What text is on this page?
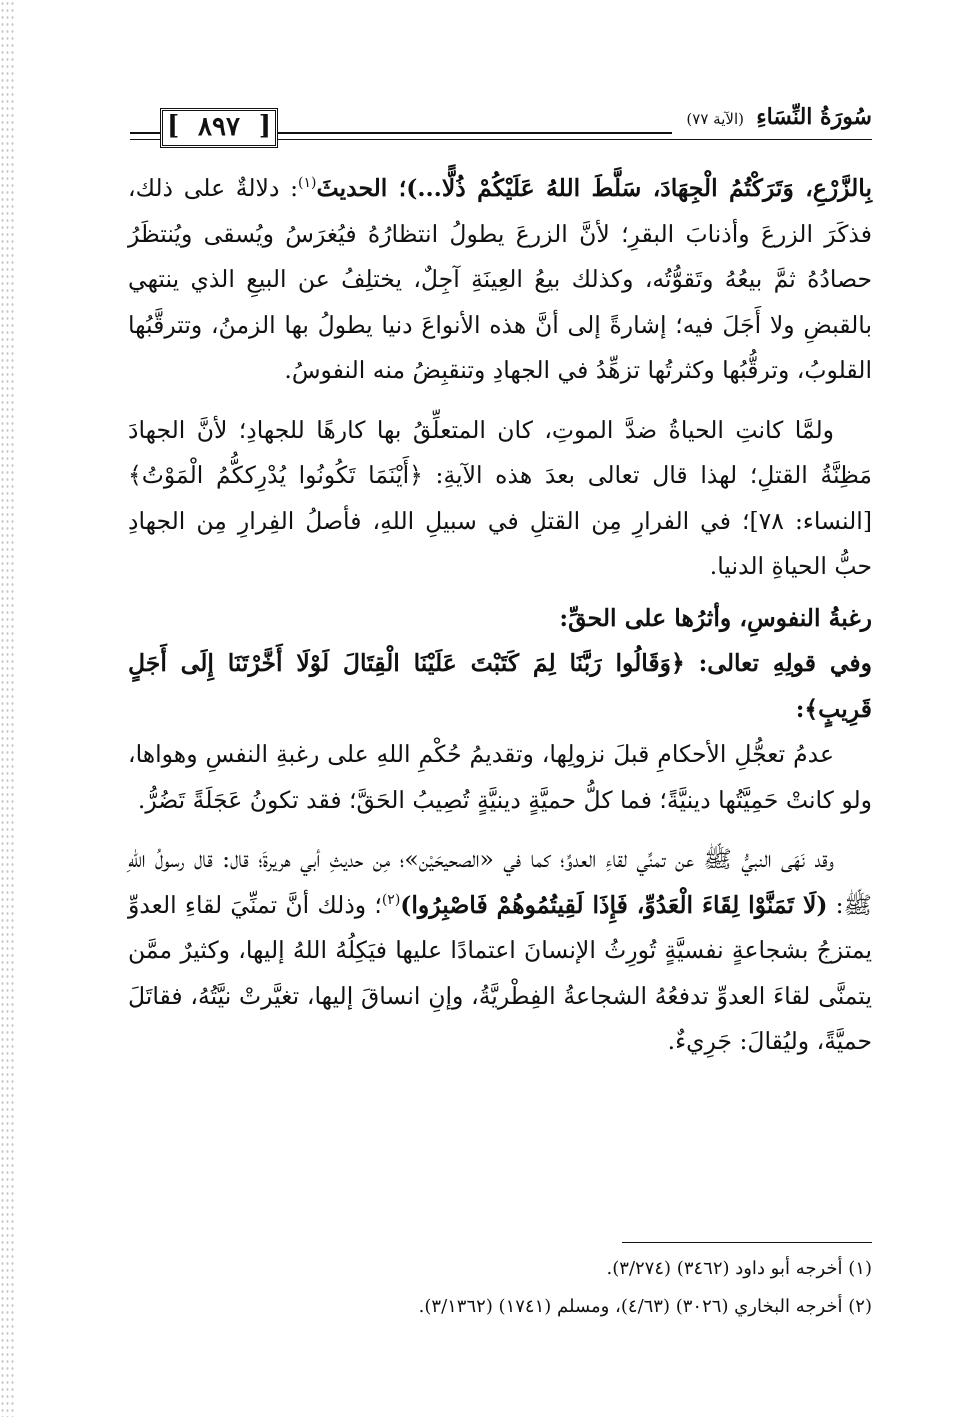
[ ٨٩٧ ]	سُورَةُ النِّسَاءِ (الآية ٧٧)

بِالزَّرْعِ، وَتَرَكْتُمُ الْجِهَادَ، سَلَّطَ اللهُ عَلَيْكُمْ ذُلًّا...)؛ الحديثَ$^{(١)}$: دلالةٌ على ذلك، فذكَرَ الزرعَ وأذنابَ البقرِ؛ لأنَّ الزرعَ يطولُ انتظارُهُ فيُغرَسُ ويُسقى ويُنتظَرُ حصادُهُ ثمَّ بيعُهُ وتَقوُّتُه، وكذلك بيعُ العِينَةِ آجِلٌ، يختلِفُ عن البيعِ الذي ينتهي بالقبضِ ولا أَجَلَ فيه؛ إشارةً إلى أنَّ هذه الأنواعَ دنيا يطولُ بها الزمنُ، وتترقَّبُها القلوبُ، وترقُّبُها وكثرتُها تزهِّدُ في الجهادِ وتنقبِضُ منه النفوسُ.

ولمَّا كانتِ الحياةُ ضدَّ الموتِ، كان المتعلِّقُ بها كارهًا للجهادِ؛ لأنَّ الجهادَ مَظِنَّةُ القتلِ؛ لهذا قال تعالى بعدَ هذه الآيةِ: ﴿أَيْنَمَا تَكُونُوا يُدْرِككُّمُ الْمَوْتُ﴾ [النساء: ٧٨]؛ في الفرارِ مِن القتلِ في سبيلِ اللهِ، فأصلُ الفِرارِ مِن الجهادِ حبُّ الحياةِ الدنيا.

رغبةُ النفوسِ، وأثرُها على الحقِّ:

وفي قولِهِ تعالى: ﴿وَقَالُوا رَبَّنَا لِمَ كَتَبْتَ عَلَيْنَا الْقِتَالَ لَوْلَا أَخَّرْتَنَا إِلَى أَجَلٍ قَرِيبٍ﴾:

عدمُ تعجُّلِ الأحكامِ قبلَ نزولِها، وتقديمُ حُكْمِ اللهِ على رغبةِ النفسِ وهواها، ولو كانتْ حَمِيَّتُها دينيَّةً؛ فما كلُّ حميَّةٍ دينيَّةٍ تُصِيبُ الحَقَّ؛ فقد تكونُ عَجَلَةً تَضُرُّ.

وقد نَهَى النبيُّ ﷺ عن تمنِّي لقاءِ العدوِّ؛ كما في «الصحيحَيْن»؛ مِن حديثِ أبي هريرةَ؛ قال: قال رسولُ اللهِ ﷺ: (لَا تَمَنَّوْا لِقَاءَ الْعَدُوِّ، فَإِذَا لَقِيتُمُوهُمْ فَاصْبِرُوا)$^{(٢)}$؛ وذلك أنَّ تمنِّيَ لقاءِ العدوِّ يمتزجُ بشجاعةٍ نفسيَّةٍ تُورِثُ الإنسانَ اعتمادًا عليها فيَكِلُهُ اللهُ إليها، وكثيرٌ ممَّن يتمنَّى لقاءَ العدوِّ تدفعُهُ الشجاعةُ الفِطْريَّةُ، وإنِ انساقَ إليها، تغيَّرتْ نيَّتُهُ، فقاتَلَ حميَّةً، وليُقالَ: جَرِيءٌ.

(١) أخرجه أبو داود (٣٤٦٢) (٣/٢٧٤).

(٢) أخرجه البخاري (٣٠٢٦) (٤/٦٣)، ومسلم (١٧٤١) (٣/١٣٦٢).
